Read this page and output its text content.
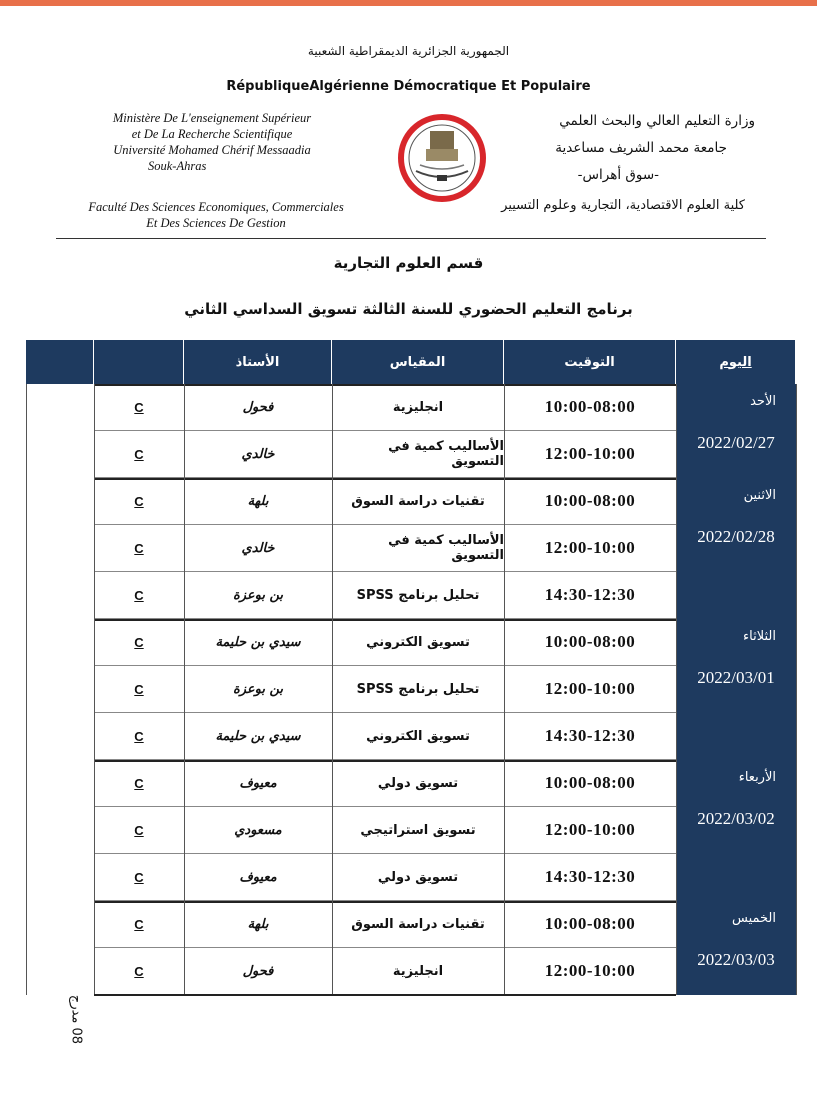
الجمهورية الجزائرية الديمقراطية الشعبية
RépubliqueAlgérienne Démocratique Et Populaire
Ministère De L'enseignement Supérieur
et De La Recherche Scientifique
Université Mohamed Chérif Messaadia
Souk-Ahras
Faculté Des Sciences Economiques, Commerciales
Et Des Sciences De Gestion
وزارة التعليم العالي والبحث العلمي
جامعة محمد الشريف مساعدية
-سوق أهراس-
كلية العلوم الاقتصادية، التجارية وعلوم التسيير
قسم العلوم التجارية
برنامج التعليم الحضوري للسنة الثالثة تسويق السداسي الثاني
الأستاذ	المقياس	التوقيت	اليوم
الأحد
2022/02/27
C	فحول	انجليزية	10:00-08:00
C	خالدي	الأساليب كمية في التسويق	12:00-10:00
الاثنين
2022/02/28
C	بلهة	تقنيات دراسة السوق	10:00-08:00
C	خالدي	الأساليب كمية في التسويق	12:00-10:00
C	بن بوعزة	تحليل برنامج SPSS	14:30-12:30
الثلاثاء
2022/03/01
C	سيدي بن حليمة	تسويق الكتروني	10:00-08:00
C	بن بوعزة	تحليل برنامج SPSS	12:00-10:00
C	سيدي بن حليمة	تسويق الكتروني	14:30-12:30
الأربعاء
2022/03/02
C	معيوف	تسويق دولي	10:00-08:00
C	مسعودي	تسويق استراتيجي	12:00-10:00
C	معيوف	تسويق دولي	14:30-12:30
الخميس
2022/03/03
C	بلهة	تقنيات دراسة السوق	10:00-08:00
C	فحول	انجليزية	12:00-10:00
08 مدرج
